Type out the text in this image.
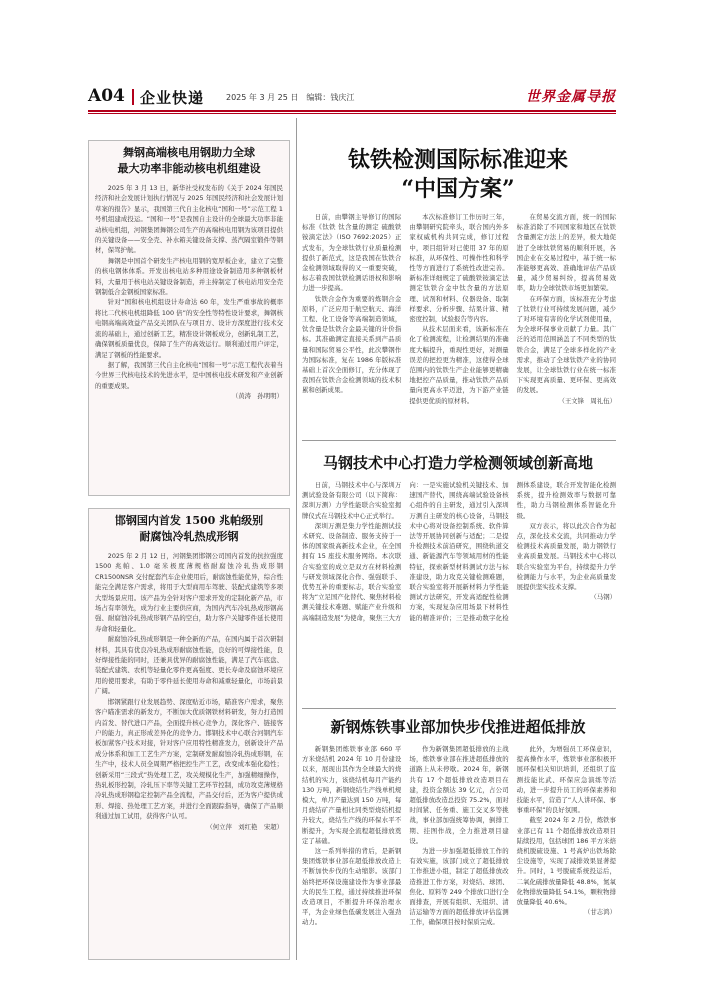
A04 企业快递	2025 年 3 月 25 日　编辑：钱庆江	世界金属导报
舞钢高端核电用钢助力全球
最大功率非能动核电机组建设

2025 年 3 月 13 日，新华社受权发布的《关于 2024 年国民经济和社会发展计划执行情况与 2025 年国民经济和社会发展计划草案的报告》显示，我国第三代自主化核电“国和一号”示范工程 1 号机组建成投运。“国和一号”是我国自主设计的全球最大功率非能动核电机组，河钢集团舞钢公司生产的高端核电用钢为该项目提供的关键设备——安全壳、补水箱关键设备支撑、蒸汽隔室锻件等钢材，保驾护航。

舞钢是中国首个研发生产核电用钢的宽厚板企业，建立了完整的核电钢体体系。开发出核电站多种用途设备制造用多种钢板材料，大量用于核电站关键设备制造，并主持制定了核电站用安全壳钢制低合金钢板国家标准。

针对“国和核电机组设计寿命达 60 年，发生严重事故的概率将比二代核电机组降低 100 倍”的安全性等特性设计要求，舞钢核电钢高端高效益产品交关团队在与项目方、设计方深度进行技术交流的基础上，通过创新工艺，精准设计钢板成分，创新轧制工艺，确保钢板质量优良，保障了生产的高效运行。顺利通过用户评定，满足了钢板的性能要求。

据了解，我国第三代自主化核电“国和一号”示范工程代表着当今世界三代核电技术的先进水平，是中国核电技术研发和产业创新的重要成果。

（黄涛　孙明明）

邯钢国内首发 1500 兆帕级别
耐腐蚀冷轧热成形钢

2025 年 2 月 12 日，河钢集团邯钢公司国内首发的抗拉强度 1500 兆帕、1.0 毫米极度薄规格耐腐蚀冷轧热成形钢 CR1500NSR 交付配套汽车企业使用后，耐腐蚀性能优异，综合性能完全满足客户需求，将用于大型商用车驾驶、装配式建筑等多项大型场景应用。该产品为全针对客户需求开发的定制化新产品，市场占有率领先，成为行业主要供应商，为国内汽车冷轧热成形钢高强、耐腐蚀冷轧热成形钢产品的空白，助力客户关键零件延长使用寿命和轻量化。

耐腐蚀冷轧热成形钢是一种全新的产品，在国内属于首次研制材料，其具有优良冷轧热成形耐腐蚀性能，良好的可焊接性能，良好焊接性能的同时，还兼具优异的耐腐蚀性能，满足了汽车底盘、装配式建筑、农机等轻量化零件更高强度、更长寿命及腐蚀环境应用的使用要求，有助于零件延长使用寿命和减重轻量化，市场前景广阔。

邯钢紧跟行业发展趋势、深度贴近市场，瞄准客户需求，聚焦客户瞄准需求的新发方，不断加大优质钢铁材料研发，努力打造国内首发、替代进口产品，全面提升核心竞争力，深化客户、链接客户的能力，真正形成差异化的竞争力。邯钢技术中心联合河钢汽车板加紧客户技术对接，针对客户应用特性精准发力，创新设计产品成分体系和加工工艺生产方案，定制研发耐腐蚀冷轧热成形钢，在生产中，技术人员全周期严格把控生产工艺，改变成本强化稳性；创新采用“三段式”热处理工艺，攻关规模化生产，加强精细操作，热轧板形控制，冷轧压下率等关键工艺环节控制，成功攻克薄规格冷轧热成形钢稳定控制产品全流程，产品交付后，还为客户提供成形、焊接、热处理工艺方案，并进行全面跟踪指导，确保了产品顺利通过加工试用，获得客户认可。

（何立萍　刘红艳　宋超）

钛铁检测国际标准迎来
“中国方案”

日前，由攀钢主导修订的国际标准《钛铁 钛含量的测定 硫酸铁铵滴定法》（ISO 7692:2025）正式发布，为全球钛铁行业质量检测提供了新范式，这是我国在钛铁合金检测领域取得的又一重要突破，标志着我国钛铁检测话语权和影响力进一步提高。

钛铁合金作为重要的炼钢合金原料，广泛应用于航空航天、海洋工程、化工设备等高端制造领域，钛含量是钛铁合金最关键的计价指标。其准确测定直接关系到产品质量和国际贸易公平性，此次攀钢作为国际标准，复在 1986 年版标准基础上首次全面修订，充分体现了我国在钛铁合金检测领域的技术积累和创新成果。

本次标准修订工作历时三年，由攀钢研究院牵头，联合国内外多家权威机构共同完成，修订过程中，项目组针对已使用 37 年的原标准，从环保性、可操作性和科学性等方面进行了系统性改进完善。新标准详细规定了硫酸铁铵滴定法测定钛铁合金中钛含量的方法原理、试剂和材料、仪器设备、取制样要求、分析步骤、结果计算、精密度控制，试验报告等内容。

从技术层面来看，该新标准在化了检测流程，让检测结果的准确度大幅提升，重现性更好，对测量误差的把控更为精准，这使得全球范围内的钛铁生产企业能够更精确地把控产品质量，推动钛铁产品质量向更高水平迈进，为下游产业链提供更优质的原材料。

在贸易交流方面，统一的国际标准消除了不同国家和地区在钛铁含量测定方法上的差异，极大地促进了全球钛铁贸易的顺利开展，各国企业在交易过程中，基于统一标准能够更高效、准确地评估产品质量，减少贸易纠纷，提高贸易效率，助力全球钛铁市场更加繁荣。

在环保方面，该标准充分考虑了钛铁行业可持续发展问题，减少了对环境有害的化学试剂使用量，为全球环保事业贡献了力量。其广泛的适用范围涵盖了不同类型的钛铁合金，满足了全球多样化的产业需求，推动了全球钛铁产业的协同发展，让全球钛铁行业在统一标准下实现更高质量、更环保、更高效的发展。

（王文锋　周礼伍）

马钢技术中心打造力学检测领域创新高地

日前，马钢技术中心与深圳万测试验设备有限公司（以下简称：深圳万测）力学性能联合实验室揭牌仪式在马钢技术中心正式举行。

深圳万测是集力学性能测试技术研究、设备制造、服务支持于一体的国家级高新技术企业，在全国拥有 15 座技术服务网络。本次联合实验室的成立是双方在材料检测与研发领域深化合作、强强联手、优势互补的重要标志，联合实验室将为“立足国产化替代、聚焦材料检测关键技术难题、赋能产业升级和高端制造发展”为使命，聚焦三大方向：一是实施试验机关键技术、加速国产替代，围绕高端试验设备核心组件的自主研发，通过引入深圳万测自主研发的核心设备，马钢技术中心将对设备控制系统、软件算法等开展协同创新与适配；二是提升检测技术前沿研究，围绕轨道交通、新能源汽车等领域用材的性能特征，探索新型材料测试方法与标准建设，助力攻克关键检测难题，联合实验室将开展新材料力学性能测试方法研究，开发高适配性检测方案，实现复杂应用场景下材料性能的精准评价；三是推动数字化检测体系建设，联合开发智能化检测系统，提升检测效率与数据可靠性，助力马钢检测体系智能化升级。

双方表示，将以此次合作为起点，深化技术交流，共同推动力学检测技术高质量发展，助力钢铁行业高质量发展。马钢技术中心将以联合实验室为平台，持续提升力学检测能力与水平，为企业高质量发展提供坚实技术支撑。

（马钢）

新钢炼铁事业部加快步伐推进超低排放

新钢集团炼铁事业部 660 平方米烧结机 2024 年 10 月份建设以来，展现出其作为全球最大的烧结机的实力，该烧结机每月产能约 130 万吨，新钢烧结生产线单机规模大，单月产量达到 150 万吨，每月烧结矿产量相比同类型烧结机提升较大，烧结生产线的环保水平不断提升，为实现全流程超低排放奠定了基础。

这一系列举措的背后，是新钢集团炼铁事业部在超低排放改造上不断加快步伐的生动缩影。该部门始终把环保设施建设作为事业部最大的民生工程，通过持续推进环保改造项目，不断提升环保治理水平，为企业绿色低碳发展注入强劲动力。

作为新钢集团超低排放的主战场，炼铁事业部在推进超低排放的道路上从未停歇。2024 年，新钢共有 17 个超低排放改造项目在建，投资金额达 39 亿元，占公司超低排放改造总投资 75.2%，面对时间紧、任务重、施工交叉多等挑战，事业部加强统筹协调，倒排工期、挂图作战，全力推进项目建设。

为进一步加强超低排放工作的有效实施，该部门成立了超低排放工作推进小组，制定了超低排放改造推进工作方案，对烧结、球团、焦化、原料等 249 个排放口进行全面排查，开展有组织、无组织、清洁运输等方面的超低排放评估监测工作，确保项目按时保质完成。

此外，为增强员工环保意识，提高操作水平，炼铁事业部积极开展环保相关知识培训，还组织了监测技能比武、环保应急演练等活动，进一步提升员工的环保素养和技能水平，营造了“人人讲环保、事事重环保”的良好氛围。

截至 2024 年 2 月份，炼铁事业部已有 11 个超低排放改造项目陆续投用，包括球团 186 平方米焙烧机脱硫设施、1 号高炉出铁场除尘设施等，实现了减排效果显著提升。同时，1 号脱硫系统投运后，二氧化硫排放量降低 48.8%，氮氧化物排放量降低 54.1%，颗粒物排放量降低 40.6%。

（甘志鸿）
